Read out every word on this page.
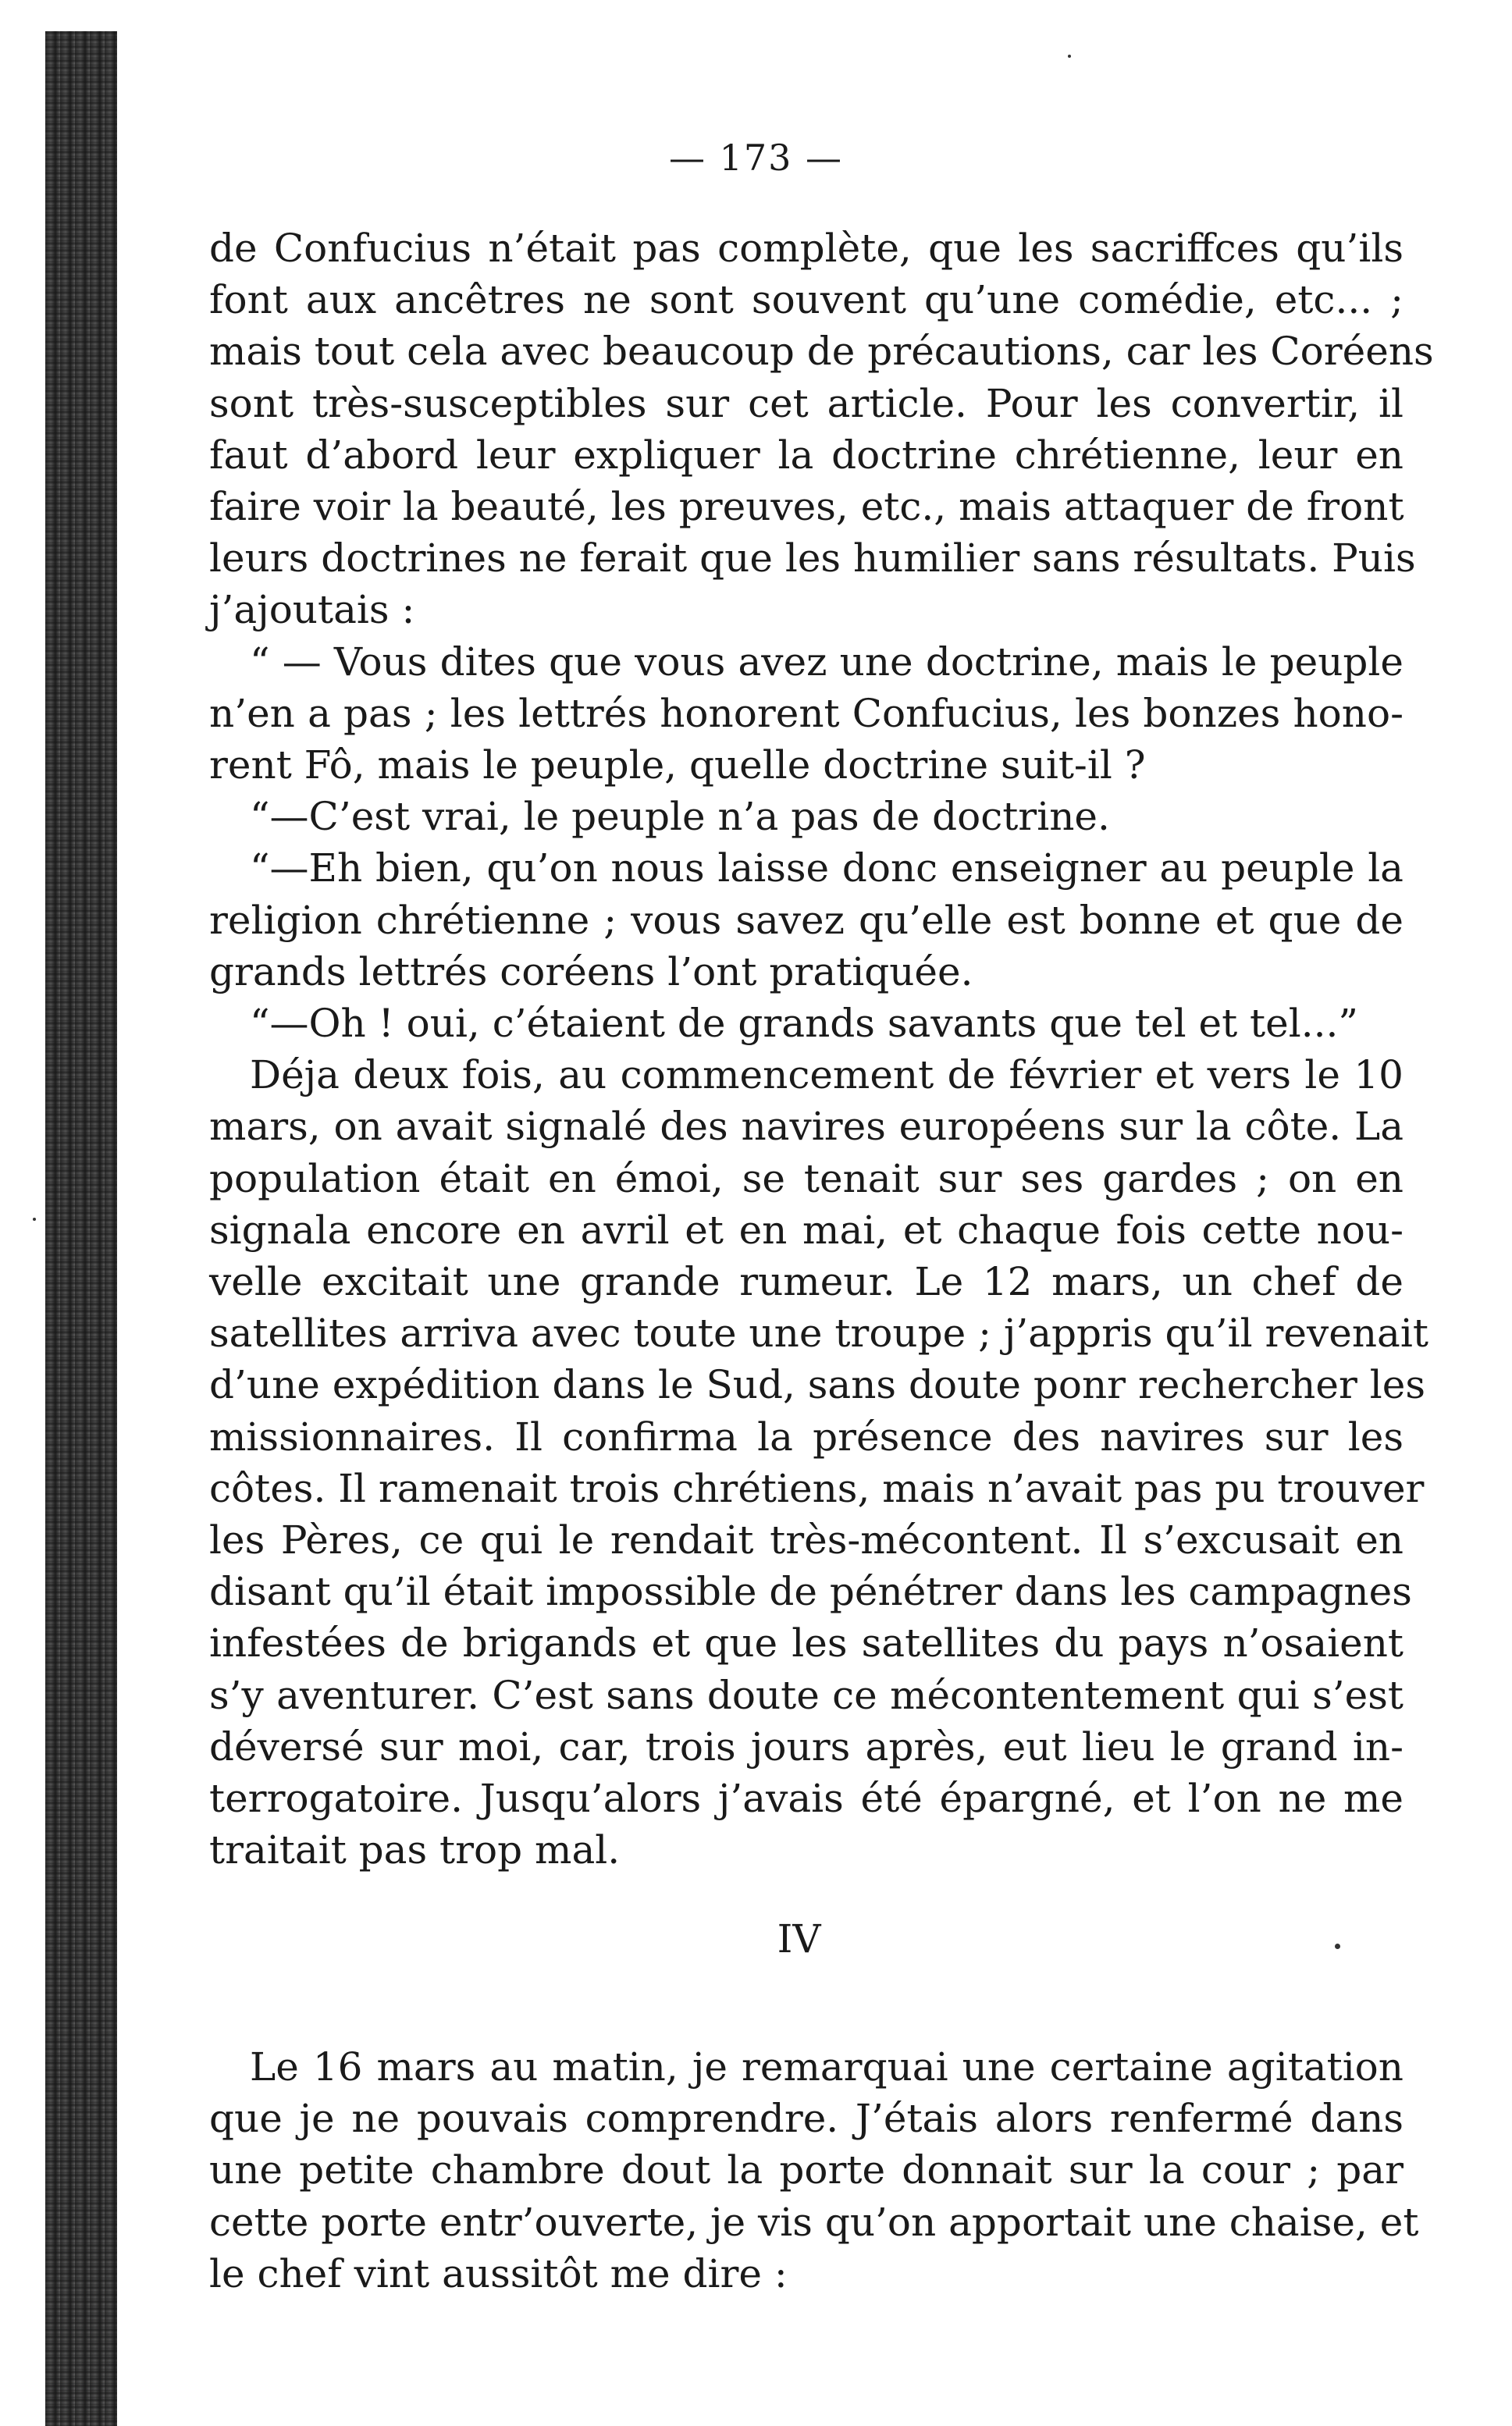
— 173 —
de Confucius n’était pas complète, que les sacriffces qu’ils
font aux ancêtres ne sont souvent qu’une comédie, etc... ;
mais tout cela avec beaucoup de précautions, car les Coréens
sont très-susceptibles sur cet article. Pour les convertir, il
faut d’abord leur expliquer la doctrine chrétienne, leur en
faire voir la beauté, les preuves, etc., mais attaquer de front
leurs doctrines ne ferait que les humilier sans résultats. Puis
j’ajoutais :
“ — Vous dites que vous avez une doctrine, mais le peuple
n’en a pas ; les lettrés honorent Confucius, les bonzes hono-
rent Fô, mais le peuple, quelle doctrine suit-il ?
“—C’est vrai, le peuple n’a pas de doctrine.
“—Eh bien, qu’on nous laisse donc enseigner au peuple la
religion chrétienne ; vous savez qu’elle est bonne et que de
grands lettrés coréens l’ont pratiquée.
“—Oh ! oui, c’étaient de grands savants que tel et tel...”
Déja deux fois, au commencement de février et vers le 10
mars, on avait signalé des navires européens sur la côte. La
population était en émoi, se tenait sur ses gardes ; on en
signala encore en avril et en mai, et chaque fois cette nou-
velle excitait une grande rumeur. Le 12 mars, un chef de
satellites arriva avec toute une troupe ; j’appris qu’il revenait
d’une expédition dans le Sud, sans doute ponr rechercher les
missionnaires. Il confirma la présence des navires sur les
côtes. Il ramenait trois chrétiens, mais n’avait pas pu trouver
les Pères, ce qui le rendait très-mécontent. Il s’excusait en
disant qu’il était impossible de pénétrer dans les campagnes
infestées de brigands et que les satellites du pays n’osaient
s’y aventurer. C’est sans doute ce mécontentement qui s’est
déversé sur moi, car, trois jours après, eut lieu le grand in-
terrogatoire. Jusqu’alors j’avais été épargné, et l’on ne me
traitait pas trop mal.
IV
Le 16 mars au matin, je remarquai une certaine agitation
que je ne pouvais comprendre. J’étais alors renfermé dans
une petite chambre dout la porte donnait sur la cour ; par
cette porte entr’ouverte, je vis qu’on apportait une chaise, et
le chef vint aussitôt me dire :
